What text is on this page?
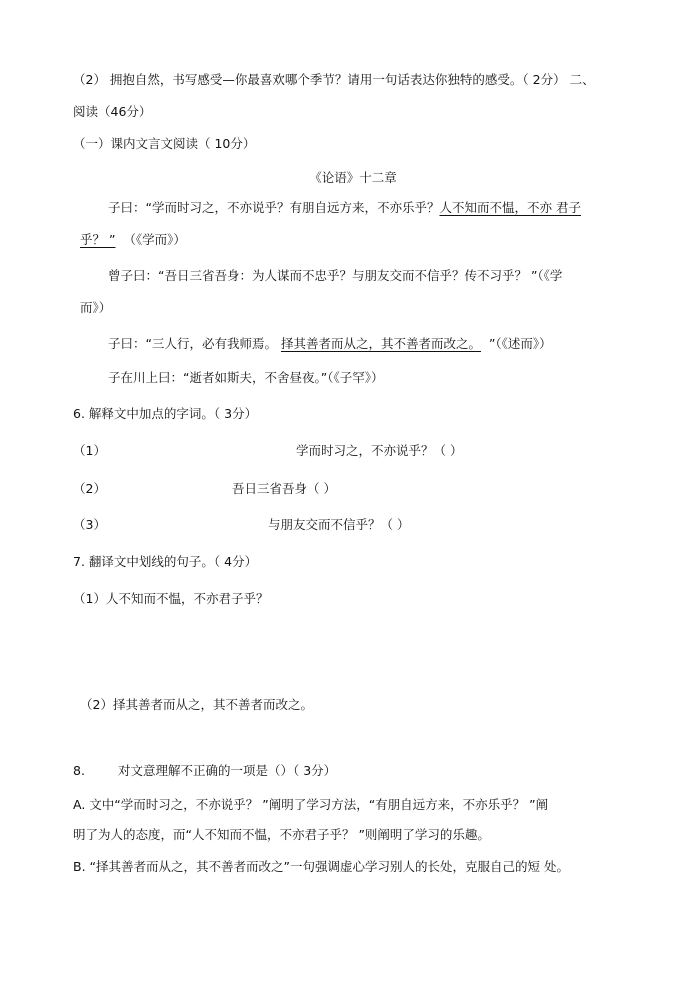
（2） 拥抱自然，书写感受—你最喜欢哪个季节？请用一句话表达你独特的感受。（ 2分） 二、
阅读（46分）
（一）课内文言文阅读（ 10分）
《论语》十二章
子曰：“学而时习之，不亦说乎？有朋自远方来，不亦乐乎？人不知而不愠，不亦 君子
乎？ ” （《学而》）
曾子曰：“吾日三省吾身：为人谋而不忠乎？与朋友交而不信乎？传不习乎？ ”（《学
而》）
子曰：“三人行，必有我师焉。 择其善者而从之，其不善者而改之。 ”（《述而》）
子在川上曰：“逝者如斯夫，不舍昼夜。”（《子罕》）
6. 解释文中加点的字词。（ 3分）
（1）	学而时习之，不亦说乎？（ ）
（2）	吾日三省吾身（ ）
（3）	与朋友交而不信乎？（ ）
7. 翻译文中划线的句子。（ 4分）
（1）人不知而不愠，不亦君子乎？
（2）择其善者而从之，其不善者而改之。
8.	对文意理解不正确的一项是（）（ 3分）
A. 文中“学而时习之，不亦说乎？ ”阐明了学习方法，“有朋自远方来，不亦乐乎？ ”阐
明了为人的态度，而“人不知而不愠，不亦君子乎？ ”则阐明了学习的乐趣。
B. “择其善者而从之，其不善者而改之”一句强调虚心学习别人的长处，克服自己的短 处。
